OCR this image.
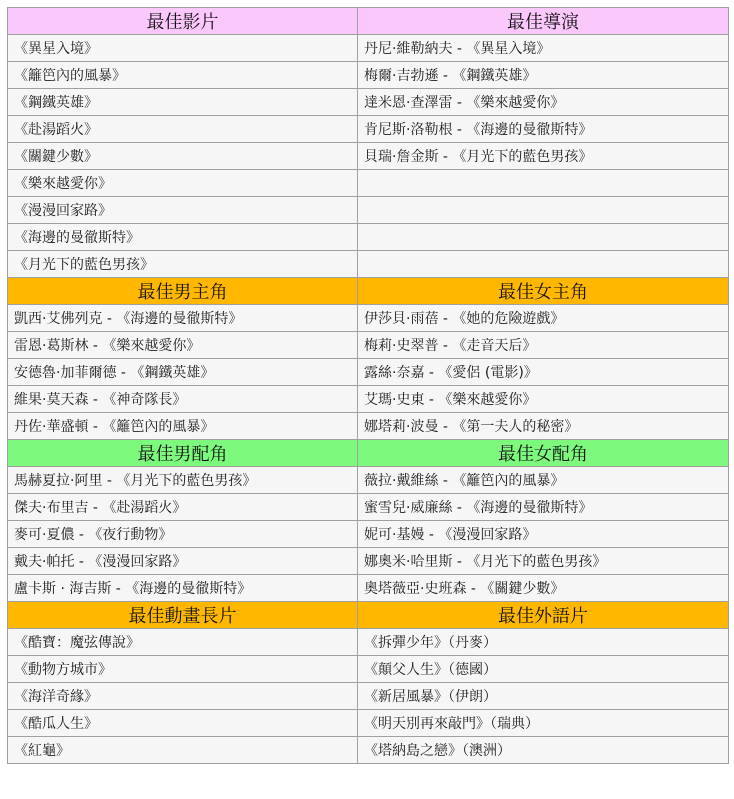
最佳影片	最佳導演
《異星入境》	丹尼·維勒納夫 - 《異星入境》
《籬笆內的風暴》	梅爾·吉勃遜 - 《鋼鐵英雄》
《鋼鐵英雄》	達米恩·查澤雷 - 《樂來越愛你》
《赴湯蹈火》	肯尼斯·洛勒根 - 《海邊的曼徹斯特》
《關鍵少數》	貝瑞·詹金斯 - 《月光下的藍色男孩》
《樂來越愛你》	
《漫漫回家路》	
《海邊的曼徹斯特》	
《月光下的藍色男孩》	
最佳男主角	最佳女主角
凱西·艾佛列克 - 《海邊的曼徹斯特》	伊莎貝·雨蓓 - 《她的危險遊戲》
雷恩·葛斯林 - 《樂來越愛你》	梅莉·史翠普 - 《走音天后》
安德魯·加菲爾德 - 《鋼鐵英雄》	露絲·奈嘉 - 《愛侶 (電影)》
維果·莫天森 - 《神奇隊長》	艾瑪·史東 - 《樂來越愛你》
丹佐·華盛頓 - 《籬笆內的風暴》	娜塔莉·波曼 - 《第一夫人的秘密》
最佳男配角	最佳女配角
馬赫夏拉·阿里 - 《月光下的藍色男孩》	薇拉·戴維絲 - 《籬笆內的風暴》
傑夫·布里吉 - 《赴湯蹈火》	蜜雪兒·威廉絲 - 《海邊的曼徹斯特》
麥可·夏儂 - 《夜行動物》	妮可·基嫚 - 《漫漫回家路》
戴夫·帕托 - 《漫漫回家路》	娜奧米·哈里斯 - 《月光下的藍色男孩》
盧卡斯 · 海吉斯 - 《海邊的曼徹斯特》	奧塔薇亞·史班森 - 《關鍵少數》
最佳動畫長片	最佳外語片
《酷寶：魔弦傳說》	《拆彈少年》（丹麥）
《動物方城市》	《顛父人生》（德國）
《海洋奇緣》	《新居風暴》（伊朗）
《酷瓜人生》	《明天別再來敲門》（瑞典）
《紅龜》	《塔納島之戀》（澳洲）
